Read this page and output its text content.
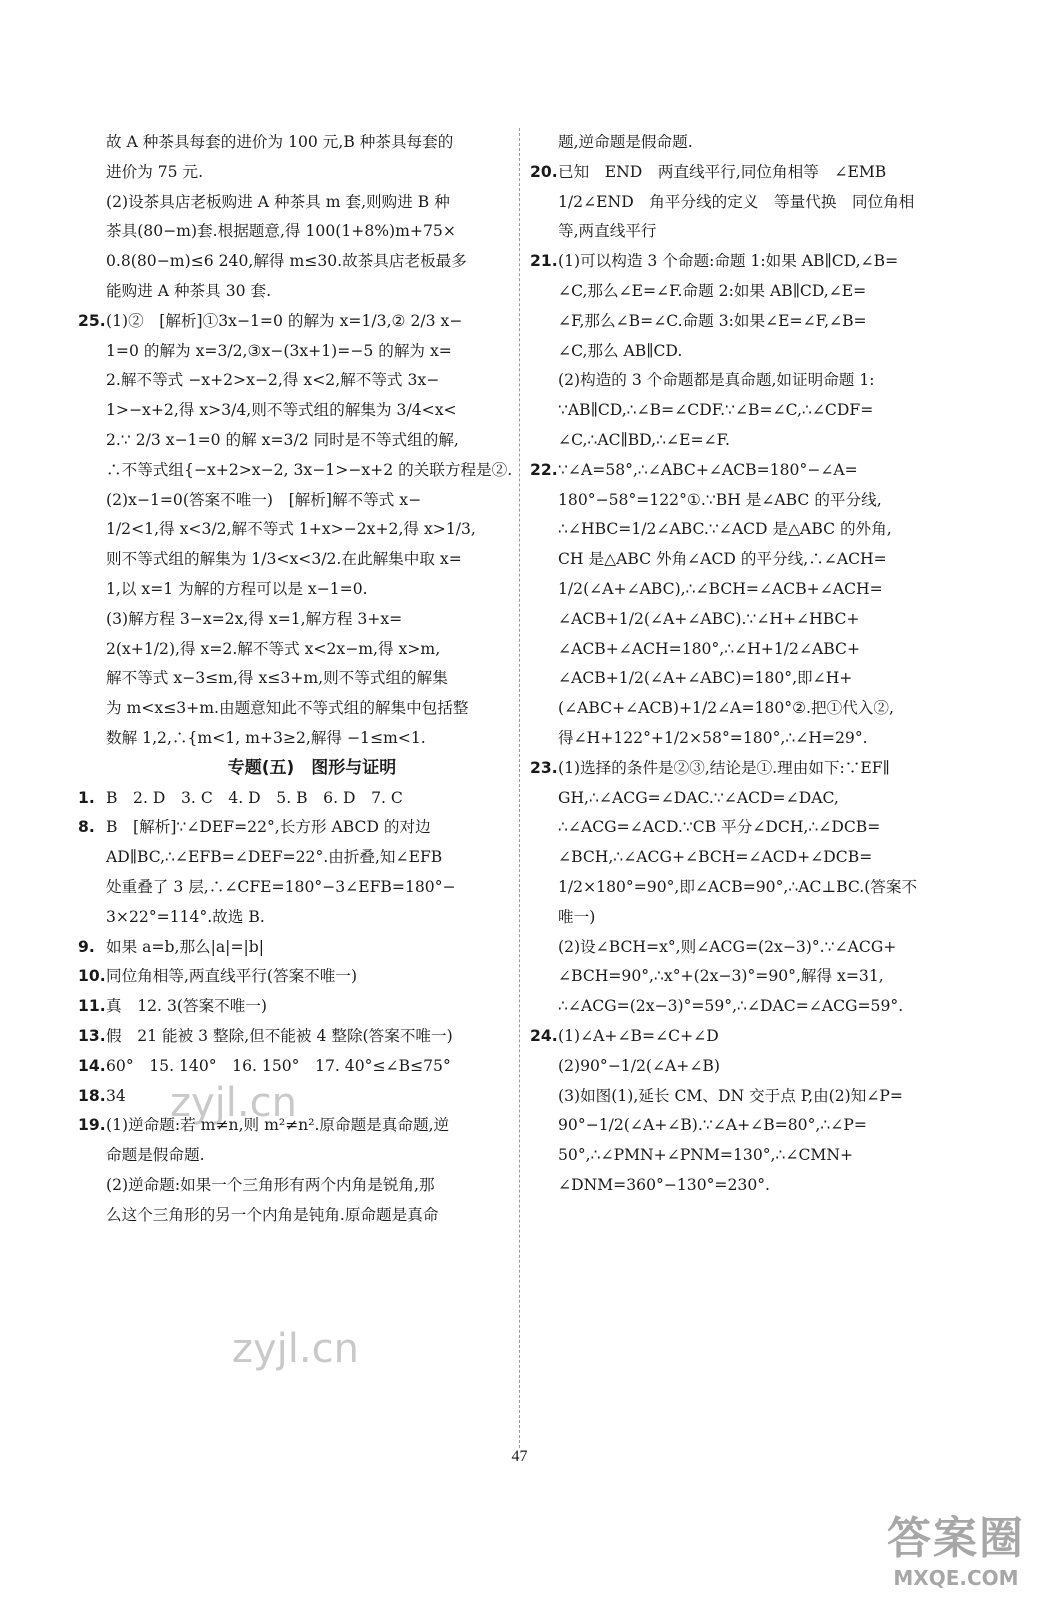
故 A 种茶具每套的进价为 100 元,B 种茶具每套的
进价为 75 元.
(2)设茶具店老板购进 A 种茶具 m 套,则购进 B 种
茶具(80−m)套.根据题意,得 100(1+8%)m+75×
0.8(80−m)≤6 240,解得 m≤30.故茶具店老板最多
能购进 A 种茶具 30 套.
25.(1)②　[解析]①3x−1=0 的解为 x=1/3,② 2/3 x−
1=0 的解为 x=3/2,③x−(3x+1)=−5 的解为 x=
2.解不等式 −x+2>x−2,得 x<2,解不等式 3x−
1>−x+2,得 x>3/4,则不等式组的解集为 3/4<x<
2.∵ 2/3 x−1=0 的解 x=3/2 同时是不等式组的解,
∴不等式组{−x+2>x−2, 3x−1>−x+2 的关联方程是②.
(2)x−1=0(答案不唯一)　[解析]解不等式 x−
1/2<1,得 x<3/2,解不等式 1+x>−2x+2,得 x>1/3,
则不等式组的解集为 1/3<x<3/2.在此解集中取 x=
1,以 x=1 为解的方程可以是 x−1=0.
(3)解方程 3−x=2x,得 x=1,解方程 3+x=
2(x+1/2),得 x=2.解不等式 x<2x−m,得 x>m,
解不等式 x−3≤m,得 x≤3+m,则不等式组的解集
为 m<x≤3+m.由题意知此不等式组的解集中包括整
数解 1,2,∴{m<1, m+3≥2,解得 −1≤m<1.
专题(五)　图形与证明
1. B　2. D　3. C　4. D　5. B　6. D　7. C
8. B　[解析]∵∠DEF=22°,长方形 ABCD 的对边
AD∥BC,∴∠EFB=∠DEF=22°.由折叠,知∠EFB
处重叠了 3 层,∴∠CFE=180°−3∠EFB=180°−
3×22°=114°.故选 B.
9. 如果 a=b,那么|a|=|b|
10.同位角相等,两直线平行(答案不唯一)
11.真　12. 3(答案不唯一)
13.假　21 能被 3 整除,但不能被 4 整除(答案不唯一)
14.60°　15. 140°　16. 150°　17. 40°≤∠B≤75°
18.34
19.(1)逆命题:若 m≠n,则 m²≠n².原命题是真命题,逆
命题是假命题.
(2)逆命题:如果一个三角形有两个内角是锐角,那
么这个三角形的另一个内角是钝角.原命题是真命
题,逆命题是假命题.
20.已知　END　两直线平行,同位角相等　∠EMB
1/2∠END　角平分线的定义　等量代换　同位角相
等,两直线平行
21.(1)可以构造 3 个命题:命题 1:如果 AB∥CD,∠B=
∠C,那么∠E=∠F.命题 2:如果 AB∥CD,∠E=
∠F,那么∠B=∠C.命题 3:如果∠E=∠F,∠B=
∠C,那么 AB∥CD.
(2)构造的 3 个命题都是真命题,如证明命题 1:
∵AB∥CD,∴∠B=∠CDF.∵∠B=∠C,∴∠CDF=
∠C,∴AC∥BD,∴∠E=∠F.
22.∵∠A=58°,∴∠ABC+∠ACB=180°−∠A=
180°−58°=122°①.∵BH 是∠ABC 的平分线,
∴∠HBC=1/2∠ABC.∵∠ACD 是△ABC 的外角,
CH 是△ABC 外角∠ACD 的平分线,∴∠ACH=
1/2(∠A+∠ABC),∴∠BCH=∠ACB+∠ACH=
∠ACB+1/2(∠A+∠ABC).∵∠H+∠HBC+
∠ACB+∠ACH=180°,∴∠H+1/2∠ABC+
∠ACB+1/2(∠A+∠ABC)=180°,即∠H+
(∠ABC+∠ACB)+1/2∠A=180°②.把①代入②,
得∠H+122°+1/2×58°=180°,∴∠H=29°.
23.(1)选择的条件是②③,结论是①.理由如下:∵EF∥
GH,∴∠ACG=∠DAC.∵∠ACD=∠DAC,
∴∠ACG=∠ACD.∵CB 平分∠DCH,∴∠DCB=
∠BCH,∴∠ACG+∠BCH=∠ACD+∠DCB=
1/2×180°=90°,即∠ACB=90°,∴AC⊥BC.(答案不
唯一)
(2)设∠BCH=x°,则∠ACG=(2x−3)°.∵∠ACG+
∠BCH=90°,∴x°+(2x−3)°=90°,解得 x=31,
∴∠ACG=(2x−3)°=59°,∴∠DAC=∠ACG=59°.
24.(1)∠A+∠B=∠C+∠D
(2)90°−1/2(∠A+∠B)
(3)如图(1),延长 CM、DN 交于点 P,由(2)知∠P=
90°−1/2(∠A+∠B).∵∠A+∠B=80°,∴∠P=
50°,∴∠PMN+∠PNM=130°,∴∠CMN+
∠DNM=360°−130°=230°.
47
zyjl.cn
zyjl.cn
答案圈
MXQE.COM
